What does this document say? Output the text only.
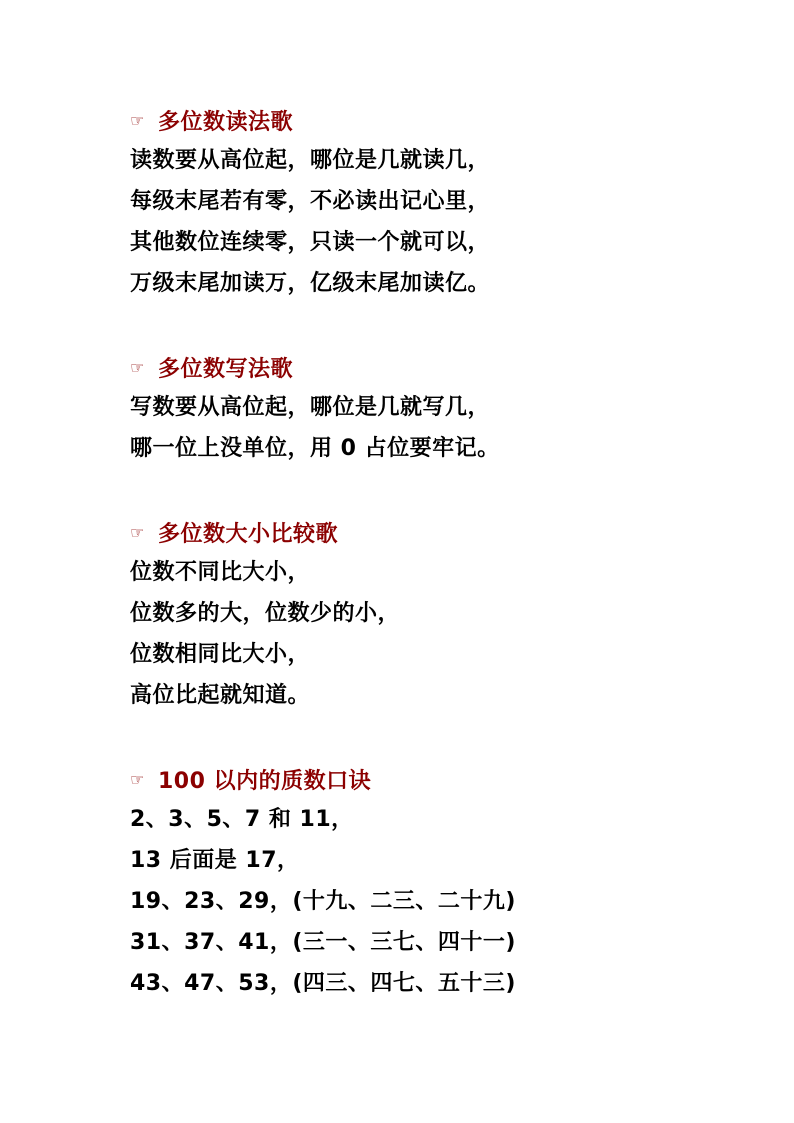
☞ 多位数读法歌
读数要从高位起，哪位是几就读几，
每级末尾若有零，不必读出记心里，
其他数位连续零，只读一个就可以，
万级末尾加读万，亿级末尾加读亿。
☞ 多位数写法歌
写数要从高位起，哪位是几就写几，
哪一位上没单位，用 0 占位要牢记。
☞ 多位数大小比较歌
位数不同比大小，
位数多的大，位数少的小，
位数相同比大小，
高位比起就知道。
☞ 100 以内的质数口诀
2、3、5、7 和 11，
13 后面是 17，
19、23、29，(十九、二三、二十九)
31、37、41，(三一、三七、四十一)
43、47、53，(四三、四七、五十三)
